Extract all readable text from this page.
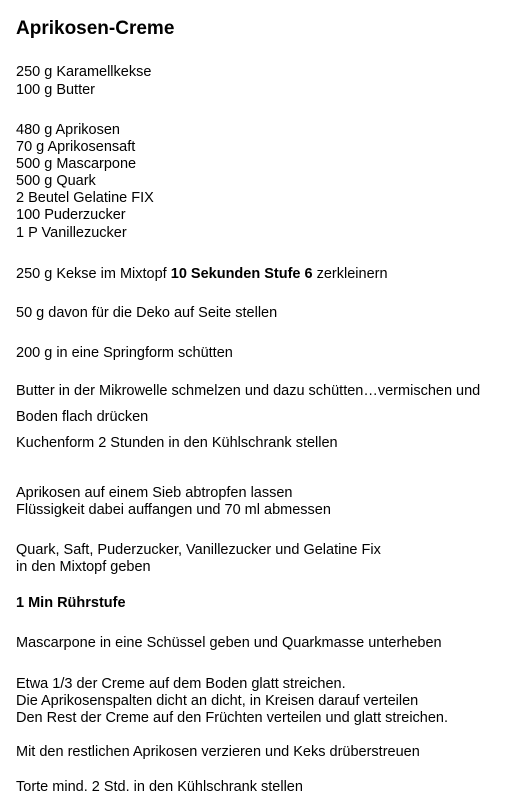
Aprikosen-Creme
250 g Karamellkekse
100 g Butter
480 g Aprikosen
70 g Aprikosensaft
500 g Mascarpone
500 g Quark
2 Beutel Gelatine FIX
100 Puderzucker
1 P Vanillezucker
250 g Kekse im Mixtopf 10 Sekunden Stufe 6 zerkleinern
50 g davon für die Deko auf Seite stellen
200 g in eine Springform schütten
Butter in der Mikrowelle schmelzen und dazu schütten…vermischen und
Boden flach drücken
Kuchenform 2 Stunden in den Kühlschrank stellen
Aprikosen auf einem Sieb abtropfen lassen
Flüssigkeit dabei auffangen und 70 ml abmessen
Quark, Saft, Puderzucker, Vanillezucker und Gelatine Fix
in den Mixtopf geben
1 Min Rührstufe
Mascarpone in eine Schüssel geben und Quarkmasse unterheben
Etwa 1/3 der Creme auf dem Boden glatt streichen.
Die Aprikosenspalten dicht an dicht, in Kreisen darauf verteilen
Den Rest der Creme auf den Früchten verteilen und glatt streichen.
Mit den restlichen Aprikosen verzieren und Keks drüberstreuen
Torte mind. 2 Std. in den Kühlschrank stellen
